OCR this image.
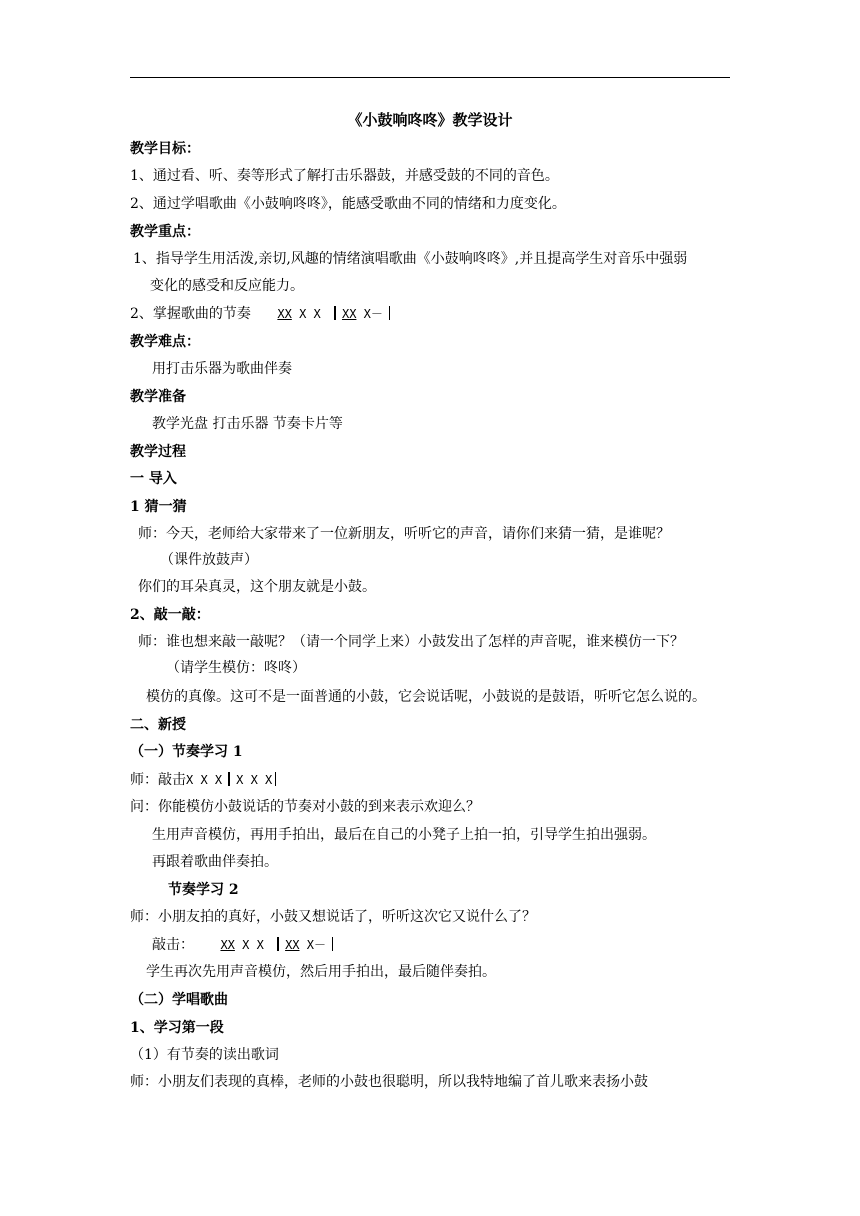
《小鼓响咚咚》教学设计
教学目标：
1、通过看、听、奏等形式了解打击乐器鼓，并感受鼓的不同的音色。
2、通过学唱歌曲《小鼓响咚咚》，能感受歌曲不同的情绪和力度变化。
教学重点：
1、指导学生用活泼,亲切,风趣的情绪演唱歌曲《小鼓响咚咚》,并且提高学生对音乐中强弱
变化的感受和反应能力。
2、掌握歌曲的节奏 XX X X XX X－
教学难点：
用打击乐器为歌曲伴奏
教学准备
教学光盘 打击乐器 节奏卡片等
教学过程
一 导入
1 猜一猜
师：今天，老师给大家带来了一位新朋友，听听它的声音，请你们来猜一猜，是谁呢？
（课件放鼓声）
你们的耳朵真灵，这个朋友就是小鼓。
2、敲一敲：
师：谁也想来敲一敲呢？（请一个同学上来）小鼓发出了怎样的声音呢，谁来模仿一下？
（请学生模仿：咚咚）
模仿的真像。这可不是一面普通的小鼓，它会说话呢，小鼓说的是鼓语，听听它怎么说的。
二、新授
（一）节奏学习 1
师：敲击X X X X X X
问：你能模仿小鼓说话的节奏对小鼓的到来表示欢迎么？
生用声音模仿，再用手拍出，最后在自己的小凳子上拍一拍，引导学生拍出强弱。
再跟着歌曲伴奏拍。
节奏学习 2
师：小朋友拍的真好，小鼓又想说话了，听听这次它又说什么了？
敲击： XX X X XX X－
学生再次先用声音模仿，然后用手拍出，最后随伴奏拍。
（二）学唱歌曲
1、学习第一段
（1）有节奏的读出歌词
师：小朋友们表现的真棒，老师的小鼓也很聪明，所以我特地编了首儿歌来表扬小鼓
